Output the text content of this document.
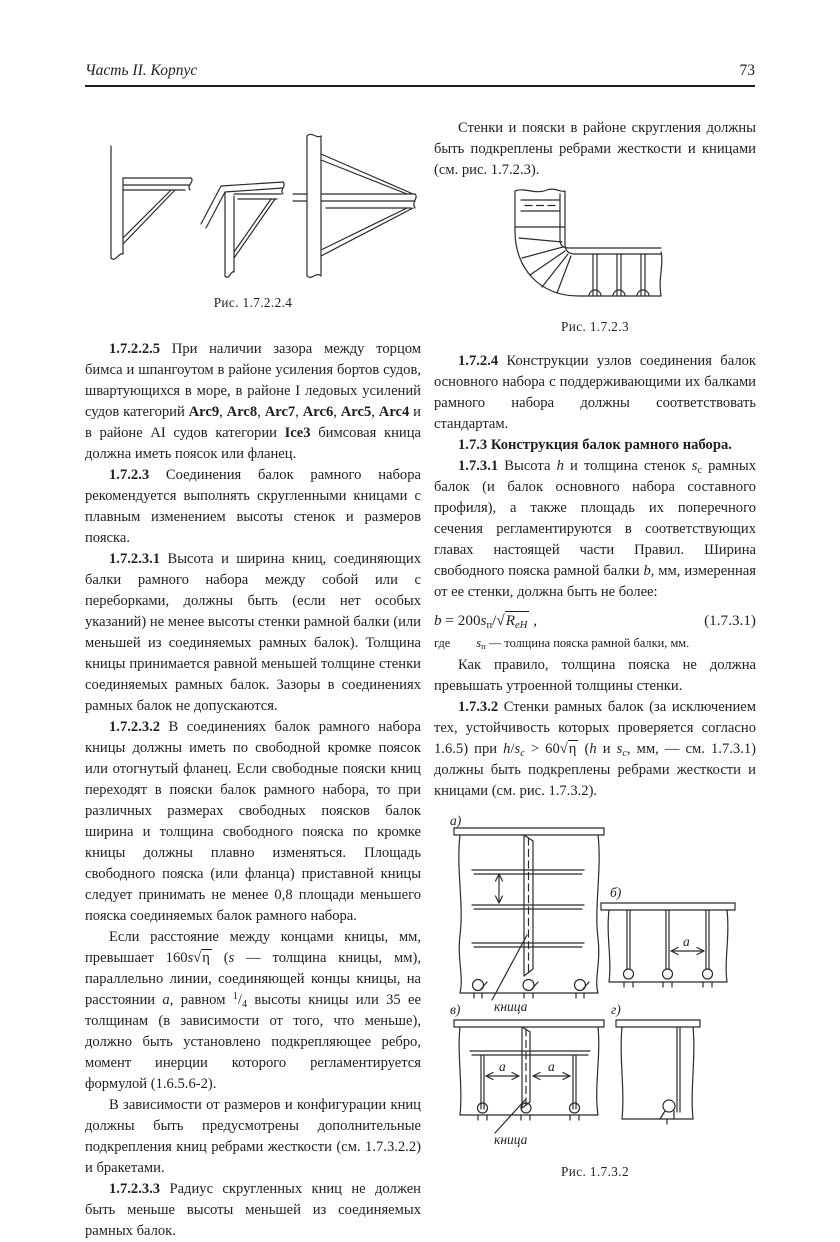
Часть II. Корпус	73
Рис. 1.7.2.2.4

1.7.2.2.5 При наличии зазора между торцом бимса и шпангоутом в районе усиления бортов судов, швартующихся в море, в районе I ледовых усилений судов категорий Arc9, Arc8, Arc7, Arc6, Arc5, Arc4 и в районе АI судов категории Ice3 бимсовая кница должна иметь поясок или фланец.

1.7.2.3 Соединения балок рамного набора рекомендуется выполнять скругленными кницами с плавным изменением высоты стенок и размеров пояска.

1.7.2.3.1 Высота и ширина книц, соединяющих балки рамного набора между собой или с переборками, должны быть (если нет особых указаний) не менее высоты стенки рамной балки (или меньшей из соединяемых рамных балок). Толщина кницы принимается равной меньшей толщине стенки соединяемых рамных балок. Зазоры в соединениях рамных балок не допускаются.

1.7.2.3.2 В соединениях балок рамного набора кницы должны иметь по свободной кромке поясок или отогнутый фланец. Если свободные пояски книц переходят в пояски балок рамного набора, то при различных размерах свободных поясков балок ширина и толщина свободного пояска по кромке кницы должны плавно изменяться. Площадь свободного пояска (или фланца) приставной кницы следует принимать не менее 0,8 площади меньшего пояска соединяемых балок рамного набора.

Если расстояние между концами кницы, мм, превышает 160s√η (s — толщина кницы, мм), параллельно линии, соединяющей концы кницы, на расстоянии a, равном $^1/_4$ высоты кницы или 35 ее толщинам (в зависимости от того, что меньше), должно быть установлено подкрепляющее ребро, момент инерции которого регламентируется формулой (1.6.5.6-2).

В зависимости от размеров и конфигурации книц должны быть предусмотрены дополнительные подкрепления книц ребрами жесткости (см. 1.7.3.2.2) и бракетами.

1.7.2.3.3 Радиус скругленных книц не должен быть меньше высоты меньшей из соединяемых рамных балок.

Стенки и пояски в районе скругления должны быть подкреплены ребрами жесткости и кницами (см. рис. 1.7.2.3).

Рис. 1.7.2.3

1.7.2.4 Конструкции узлов соединения балок основного набора с поддерживающими их балками рамного набора должны соответствовать стандартам.

1.7.3 Конструкция балок рамного набора.

1.7.3.1 Высота h и толщина стенок $s_с$ рамных балок (и балок основного набора составного профиля), а также площадь их поперечного сечения регламентируются в соответствующих главах настоящей части Правил. Ширина свободного пояска рамной балки b, мм, измеренная от ее стенки, должна быть не более:

$b = 200s_п/√R_{eH}$ ,	(1.7.3.1)
где $s_п$ — толщина пояска рамной балки, мм.

Как правило, толщина пояска не должна превышать утроенной толщины стенки.

1.7.3.2 Стенки рамных балок (за исключением тех, устойчивость которых проверяется согласно 1.6.5) при $h/s_c > 60√\eta$ (h и $s_c$, мм, — см. 1.7.3.1) должны быть подкреплены ребрами жесткости и кницами (см. рис. 1.7.3.2).

а)
б)
в)	г)
кница
кница
a
a	a
Рис. 1.7.3.2
